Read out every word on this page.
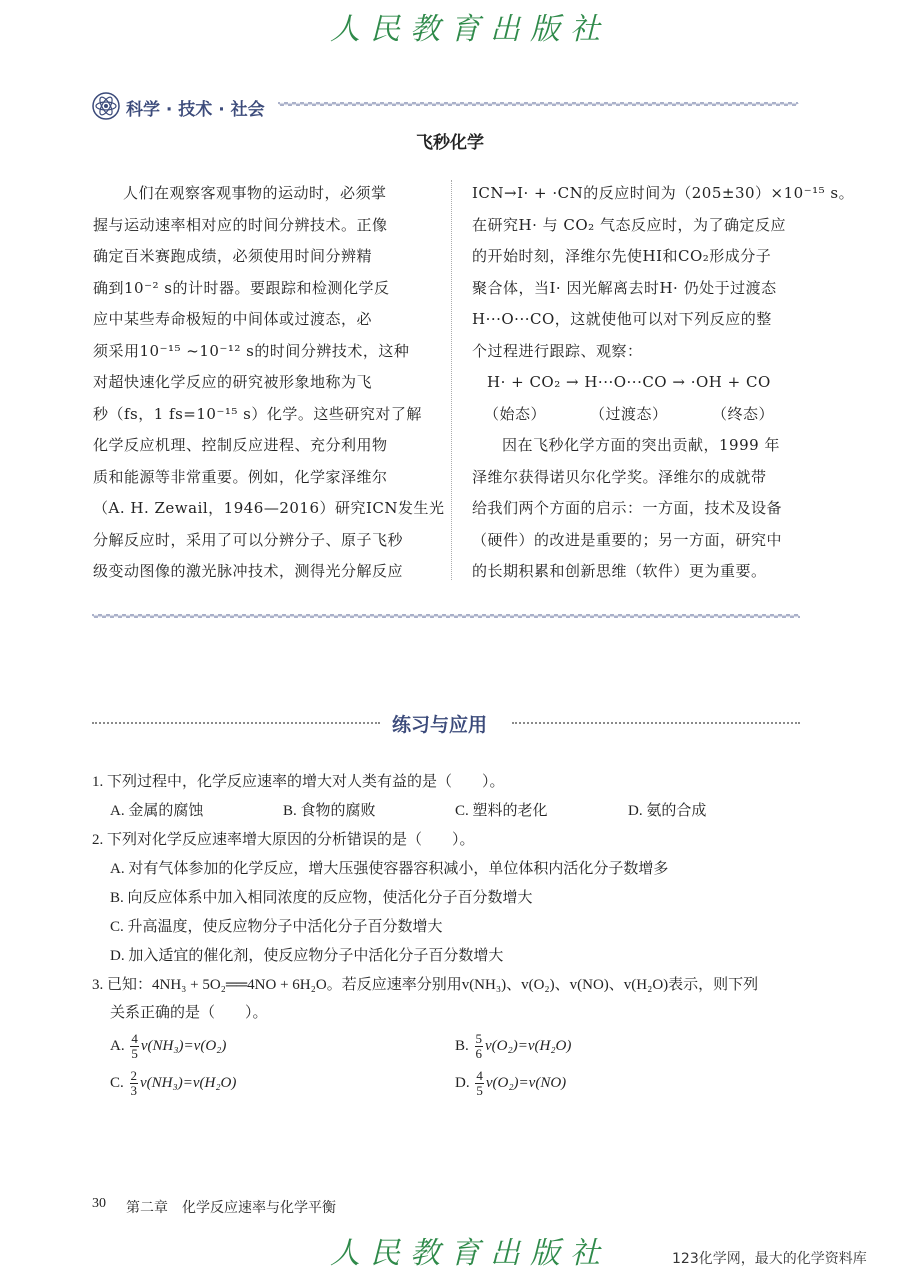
人民教育出版社
科学 · 技术 · 社会
飞秒化学
人们在观察客观事物的运动时，必须掌
握与运动速率相对应的时间分辨技术。正像
确定百米赛跑成绩，必须使用时间分辨精
确到10⁻² s的计时器。要跟踪和检测化学反
应中某些寿命极短的中间体或过渡态，必
须采用10⁻¹⁵ ~10⁻¹² s的时间分辨技术，这种
对超快速化学反应的研究被形象地称为飞
秒（fs，1 fs=10⁻¹⁵ s）化学。这些研究对了解
化学反应机理、控制反应进程、充分利用物
质和能源等非常重要。例如，化学家泽维尔
（A. H. Zewail，1946—2016）研究ICN发生光
分解反应时，采用了可以分辨分子、原子飞秒
级变动图像的激光脉冲技术，测得光分解反应
ICN→I· + ·CN的反应时间为（205±30）×10⁻¹⁵ s。
在研究H· 与 CO₂ 气态反应时，为了确定反应
的开始时刻，泽维尔先使HI和CO₂形成分子
聚合体，当I· 因光解离去时H· 仍处于过渡态
H···O···CO，这就使他可以对下列反应的整
个过程进行跟踪、观察：
H· + CO₂ → H···O···CO → ·OH + CO
（始态）	（过渡态）	（终态）
因在飞秒化学方面的突出贡献，1999 年
泽维尔获得诺贝尔化学奖。泽维尔的成就带
给我们两个方面的启示：一方面，技术及设备
（硬件）的改进是重要的；另一方面，研究中
的长期积累和创新思维（软件）更为重要。
练习与应用
1. 下列过程中，化学反应速率的增大对人类有益的是（　　）。
A. 金属的腐蚀	B. 食物的腐败	C. 塑料的老化	D. 氨的合成
2. 下列对化学反应速率增大原因的分析错误的是（　　）。
A. 对有气体参加的化学反应，增大压强使容器容积减小，单位体积内活化分子数增多
B. 向反应体系中加入相同浓度的反应物，使活化分子百分数增大
C. 升高温度，使反应物分子中活化分子百分数增大
D. 加入适宜的催化剂，使反应物分子中活化分子百分数增大
3. 已知：4NH₃ + 5O₂══4NO + 6H₂O。若反应速率分别用v(NH₃)、v(O₂)、v(NO)、v(H₂O)表示，则下列
关系正确的是（　　）。
A. $\frac{4}{5} v(NH_3)=v(O_2)$	B. $\frac{5}{6} v(O_2)=v(H_2O)$
C. $\frac{2}{3} v(NH_3)=v(H_2O)$	D. $\frac{4}{5} v(O_2)=v(NO)$
30 第二章　化学反应速率与化学平衡
人民教育出版社	123化学网，最大的化学资料库
